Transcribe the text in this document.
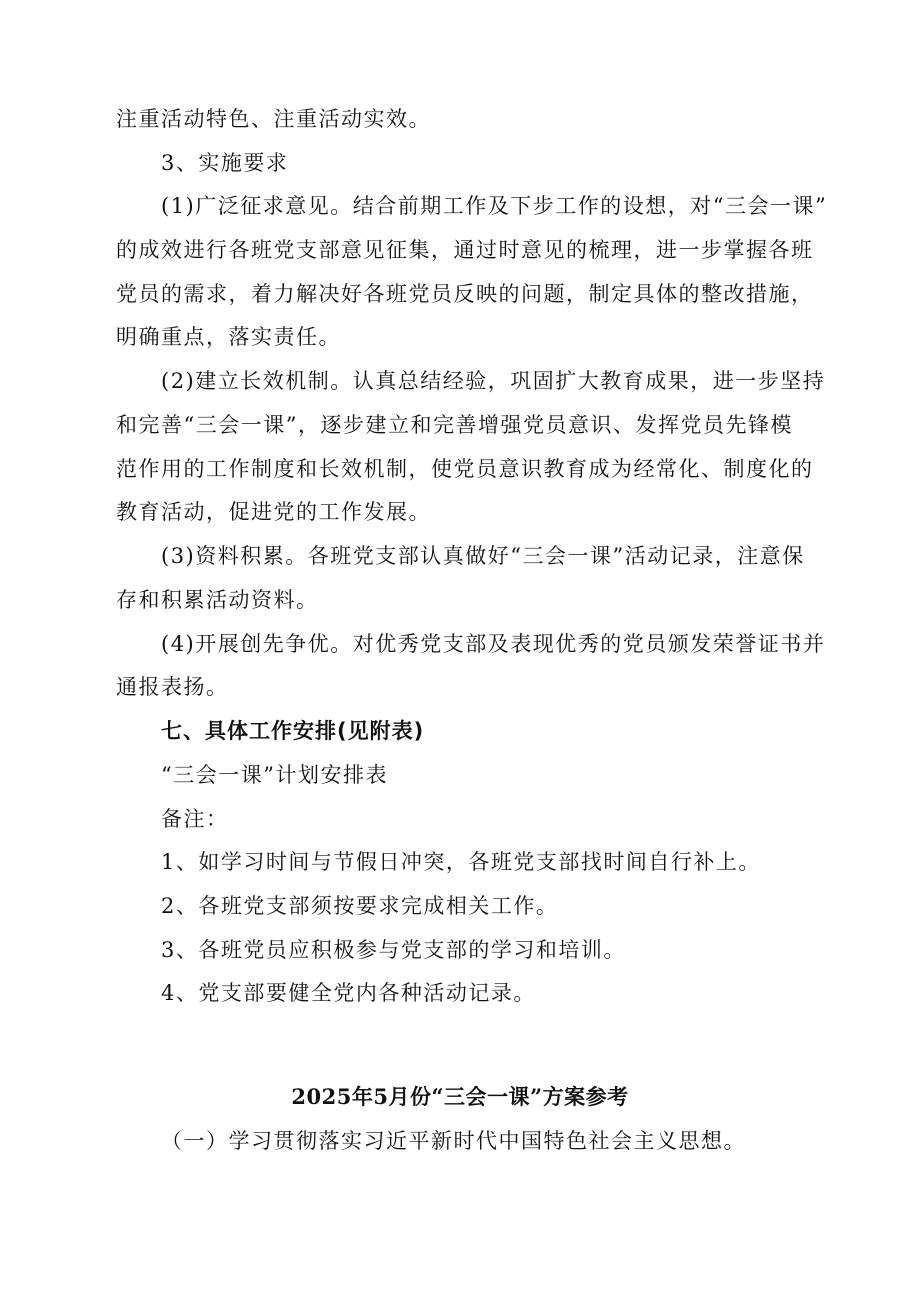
注重活动特色、注重活动实效。
3、实施要求
(1)广泛征求意见。结合前期工作及下步工作的设想，对“三会一课”
的成效进行各班党支部意见征集，通过时意见的梳理，进一步掌握各班
党员的需求，着力解决好各班党员反映的问题，制定具体的整改措施，
明确重点，落实责任。
(2)建立长效机制。认真总结经验，巩固扩大教育成果，进一步坚持
和完善“三会一课”，逐步建立和完善增强党员意识、发挥党员先锋模
范作用的工作制度和长效机制，使党员意识教育成为经常化、制度化的
教育活动，促进党的工作发展。
(3)资料积累。各班党支部认真做好“三会一课”活动记录，注意保
存和积累活动资料。
(4)开展创先争优。对优秀党支部及表现优秀的党员颁发荣誉证书并
通报表扬。
七、具体工作安排(见附表)
“三会一课”计划安排表
备注：
1、如学习时间与节假日冲突，各班党支部找时间自行补上。
2、各班党支部须按要求完成相关工作。
3、各班党员应积极参与党支部的学习和培训。
4、党支部要健全党内各种活动记录。
2025年5月份“三会一课”方案参考
（一）学习贯彻落实习近平新时代中国特色社会主义思想。
